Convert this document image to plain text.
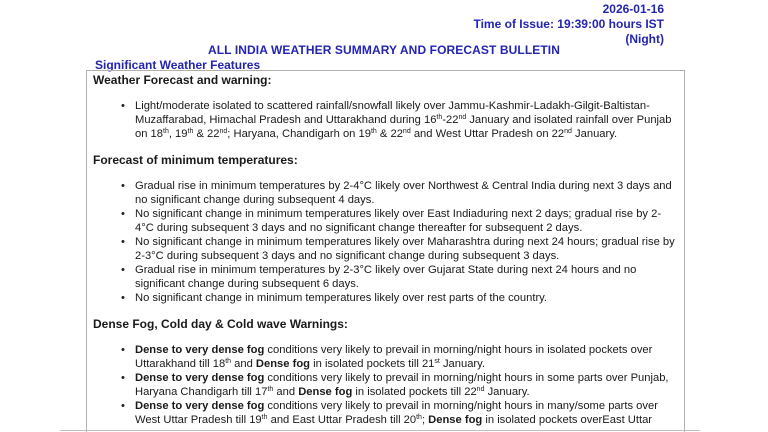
2026-01-16
Time of Issue: 19:39:00 hours IST
(Night)
ALL INDIA WEATHER SUMMARY AND FORECAST BULLETIN
Significant Weather Features
Weather Forecast and warning:
• Light/moderate isolated to scattered rainfall/snowfall likely over Jammu-Kashmir-Ladakh-Gilgit-Baltistan-Muzaffarabad, Himachal Pradesh and Uttarakhand during 16th-22nd January and isolated rainfall over Punjab on 18th, 19th & 22nd; Haryana, Chandigarh on 19th & 22nd and West Uttar Pradesh on 22nd January.
Forecast of minimum temperatures:
• Gradual rise in minimum temperatures by 2-4°C likely over Northwest & Central India during next 3 days and no significant change during subsequent 4 days.
• No significant change in minimum temperatures likely over East Indiaduring next 2 days; gradual rise by 2-4°C during subsequent 3 days and no significant change thereafter for subsequent 2 days.
• No significant change in minimum temperatures likely over Maharashtra during next 24 hours; gradual rise by 2-3°C during subsequent 3 days and no significant change during subsequent 3 days.
• Gradual rise in minimum temperatures by 2-3°C likely over Gujarat State during next 24 hours and no significant change during subsequent 6 days.
• No significant change in minimum temperatures likely over rest parts of the country.
Dense Fog, Cold day & Cold wave Warnings:
• Dense to very dense fog conditions very likely to prevail in morning/night hours in isolated pockets over Uttarakhand till 18th and Dense fog in isolated pockets till 21st January.
• Dense to very dense fog conditions very likely to prevail in morning/night hours in some parts over Punjab, Haryana Chandigarh till 17th and Dense fog in isolated pockets till 22nd January.
• Dense to very dense fog conditions very likely to prevail in morning/night hours in many/some parts over West Uttar Pradesh till 19th and East Uttar Pradesh till 20th; Dense fog in isolated pockets overEast Uttar
